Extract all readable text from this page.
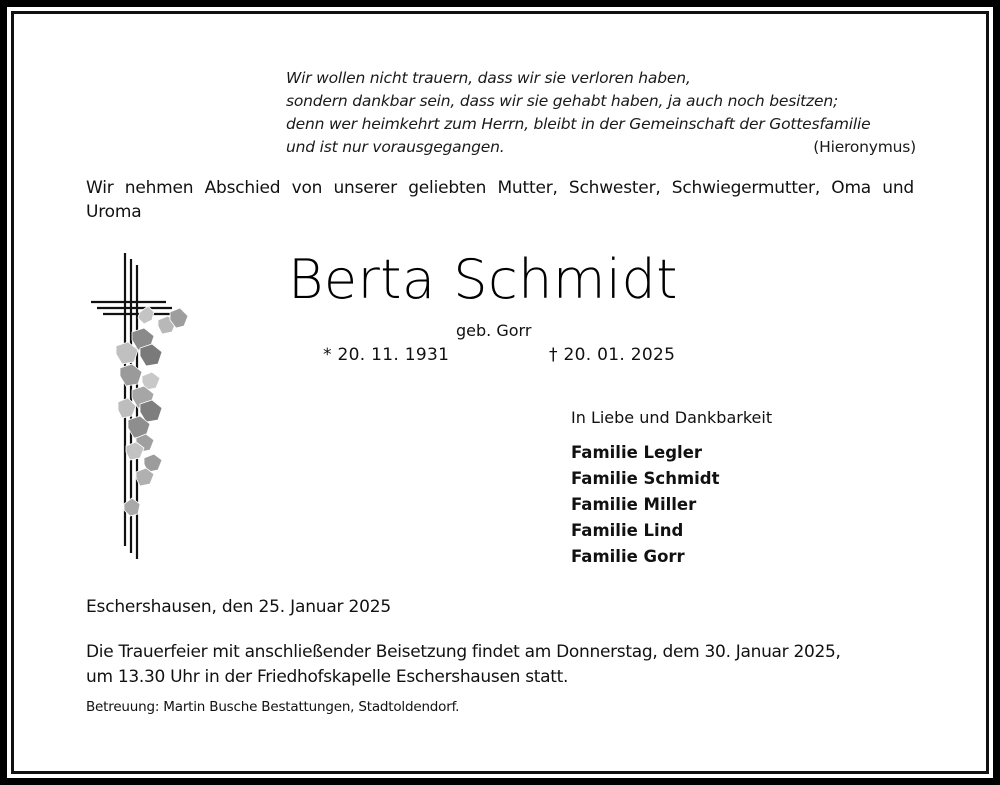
Wir wollen nicht trauern, dass wir sie verloren haben,
sondern dankbar sein, dass wir sie gehabt haben, ja auch noch besitzen;
denn wer heimkehrt zum Herrn, bleibt in der Gemeinschaft der Gottesfamilie
und ist nur vorausgegangen.	(Hieronymus)
Wir nehmen Abschied von unserer geliebten Mutter, Schwester, Schwiegermutter, Oma und Uroma
Berta Schmidt
geb. Gorr
* 20. 11. 1931	† 20. 01. 2025
In Liebe und Dankbarkeit
Familie Legler
Familie Schmidt
Familie Miller
Familie Lind
Familie Gorr
Eschershausen, den 25. Januar 2025
Die Trauerfeier mit anschließender Beisetzung findet am Donnerstag, dem 30. Januar 2025,
um 13.30 Uhr in der Friedhofskapelle Eschershausen statt.
Betreuung: Martin Busche Bestattungen, Stadtoldendorf.
